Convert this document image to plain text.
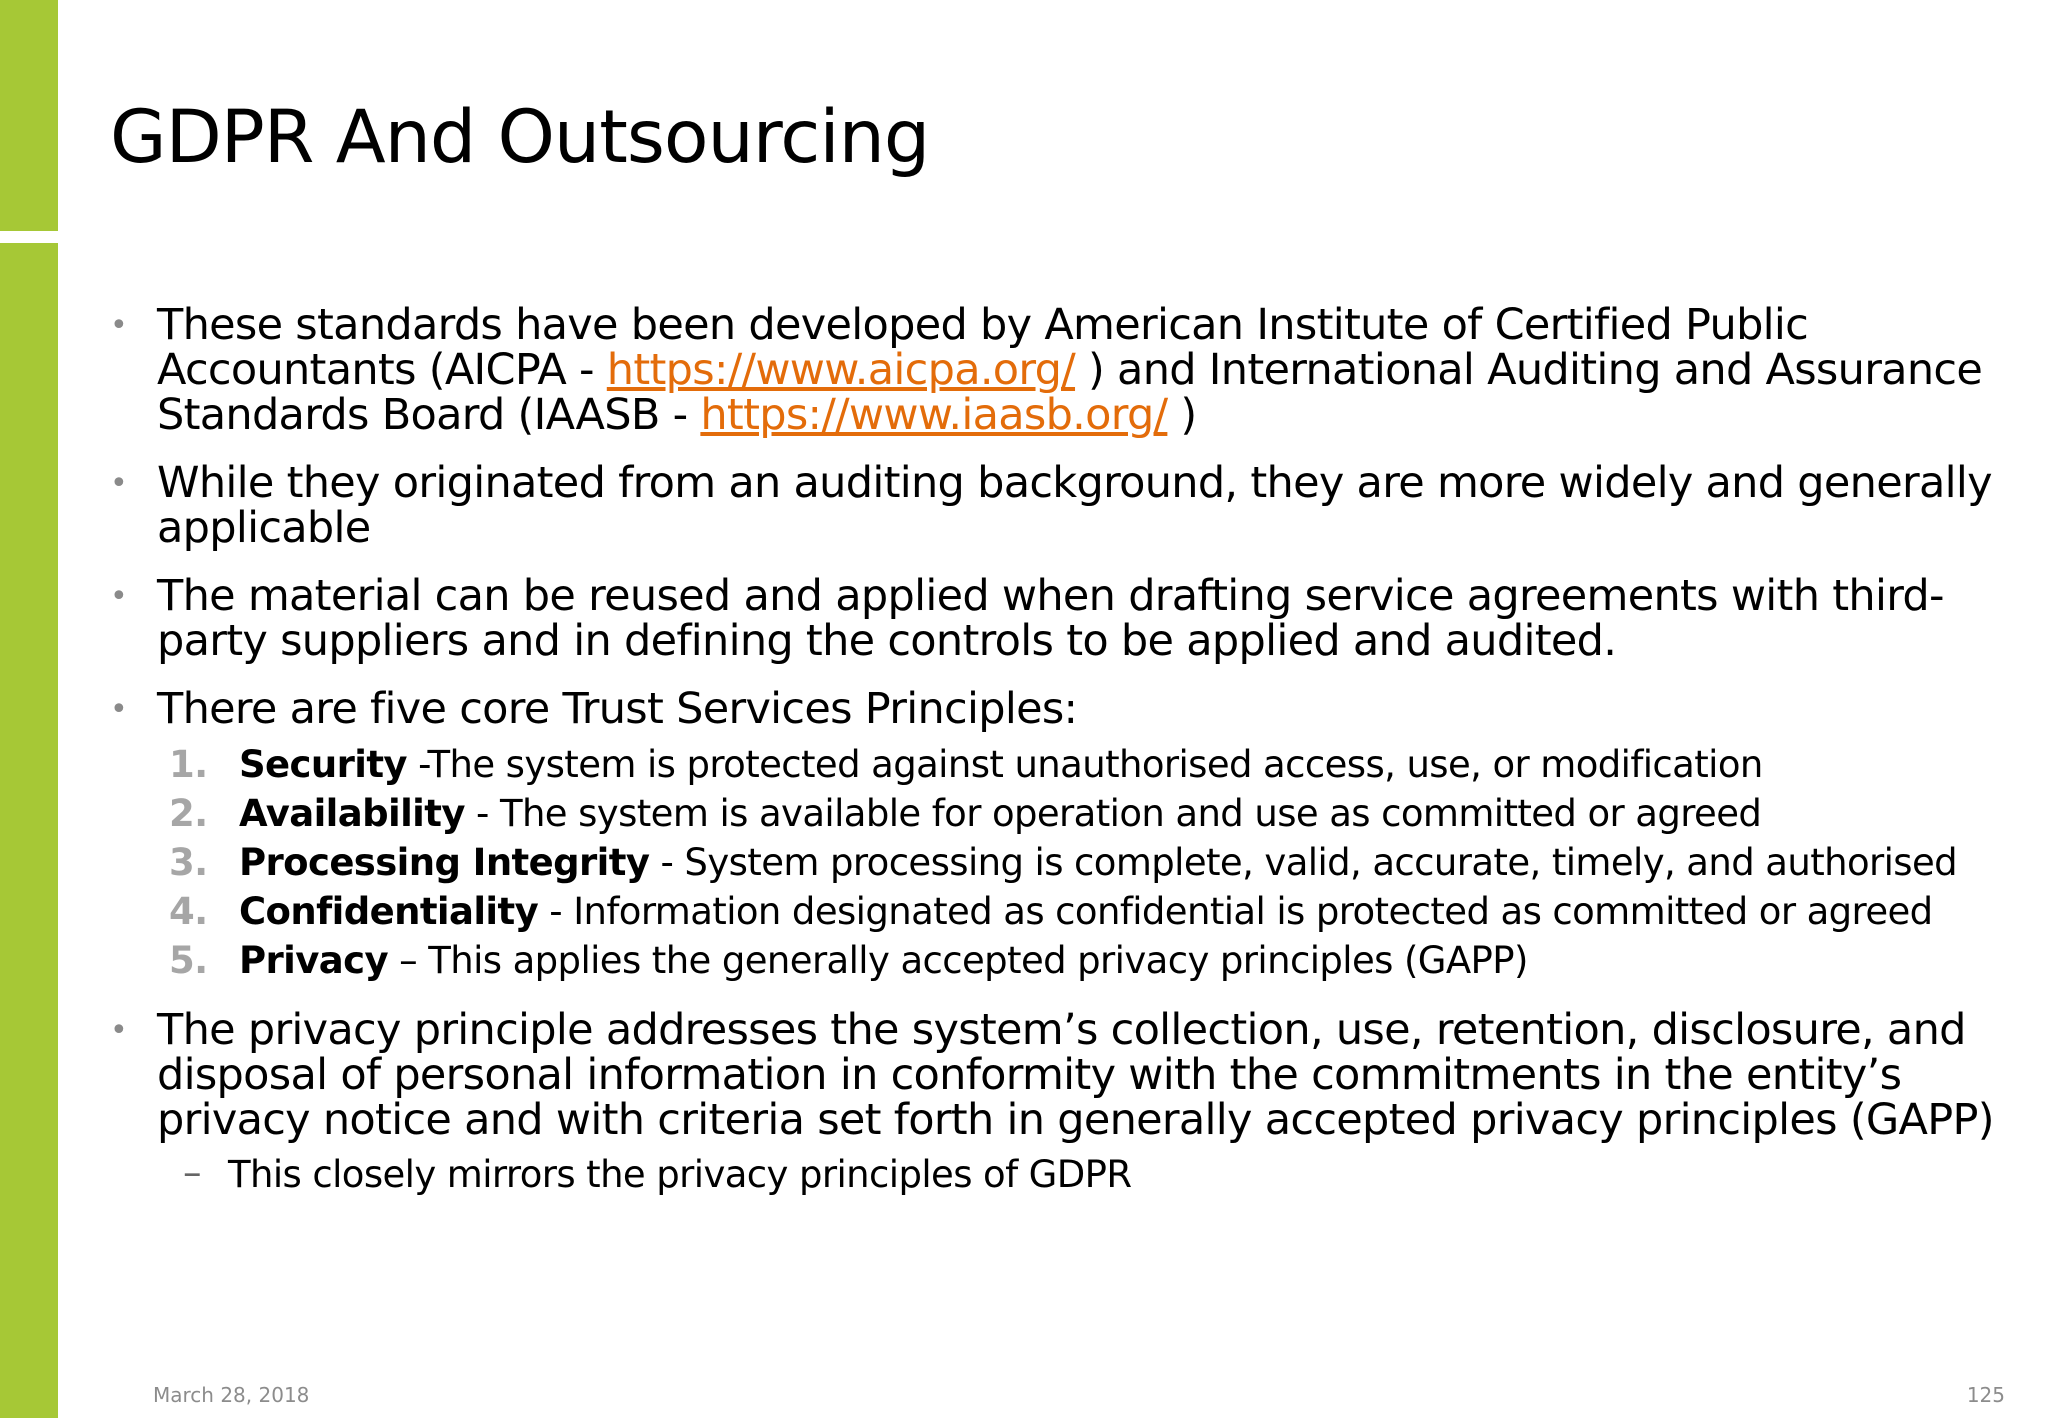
GDPR And Outsourcing
• These standards have been developed by American Institute of Certified Public Accountants (AICPA - https://www.aicpa.org/ ) and International Auditing and Assurance Standards Board (IAASB - https://www.iaasb.org/ )
• While they originated from an auditing background, they are more widely and generally applicable
• The material can be reused and applied when drafting service agreements with third-party suppliers and in defining the controls to be applied and audited.
• There are five core Trust Services Principles:
1. Security -The system is protected against unauthorised access, use, or modification
2. Availability - The system is available for operation and use as committed or agreed
3. Processing Integrity - System processing is complete, valid, accurate, timely, and authorised
4. Confidentiality - Information designated as confidential is protected as committed or agreed
5. Privacy – This applies the generally accepted privacy principles (GAPP)
• The privacy principle addresses the system’s collection, use, retention, disclosure, and disposal of personal information in conformity with the commitments in the entity’s privacy notice and with criteria set forth in generally accepted privacy principles (GAPP)
– This closely mirrors the privacy principles of GDPR
March 28, 2018	125
